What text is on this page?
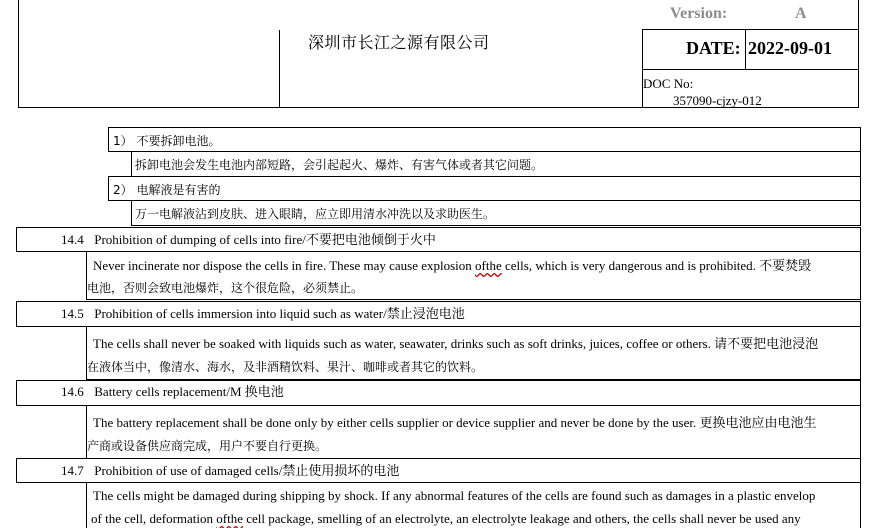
Version:	A
深圳市长江之源有限公司	DATE: 2022-09-01
DOC No:
357090-cjzy-012
1） 不要拆卸电池。
拆卸电池会发生电池内部短路，会引起起火、爆炸、有害气体或者其它问题。
2） 电解液是有害的
万一电解液沾到皮肤、进入眼睛，应立即用清水冲洗以及求助医生。
14.4 Prohibition of dumping of cells into fire/不要把电池倾倒于火中
Never incinerate nor dispose the cells in fire. These may cause explosion ofthe cells, which is very dangerous and is prohibited. 不要焚毁
电池，否则会致电池爆炸，这个很危险，必须禁止。
14.5 Prohibition of cells immersion into liquid such as water/禁止浸泡电池
The cells shall never be soaked with liquids such as water, seawater, drinks such as soft drinks, juices, coffee or others. 请不要把电池浸泡
在液体当中，像清水、海水，及非酒精饮料、果汁、咖啡或者其它的饮料。
14.6 Battery cells replacement/M 换电池
The battery replacement shall be done only by either cells supplier or device supplier and never be done by the user. 更换电池应由电池生
产商或设备供应商完成，用户不要自行更换。
14.7 Prohibition of use of damaged cells/禁止使用损坏的电池
The cells might be damaged during shipping by shock. If any abnormal features of the cells are found such as damages in a plastic envelop
of the cell, deformation ofthe cell package, smelling of an electrolyte, an electrolyte leakage and others, the cells shall never be used any
